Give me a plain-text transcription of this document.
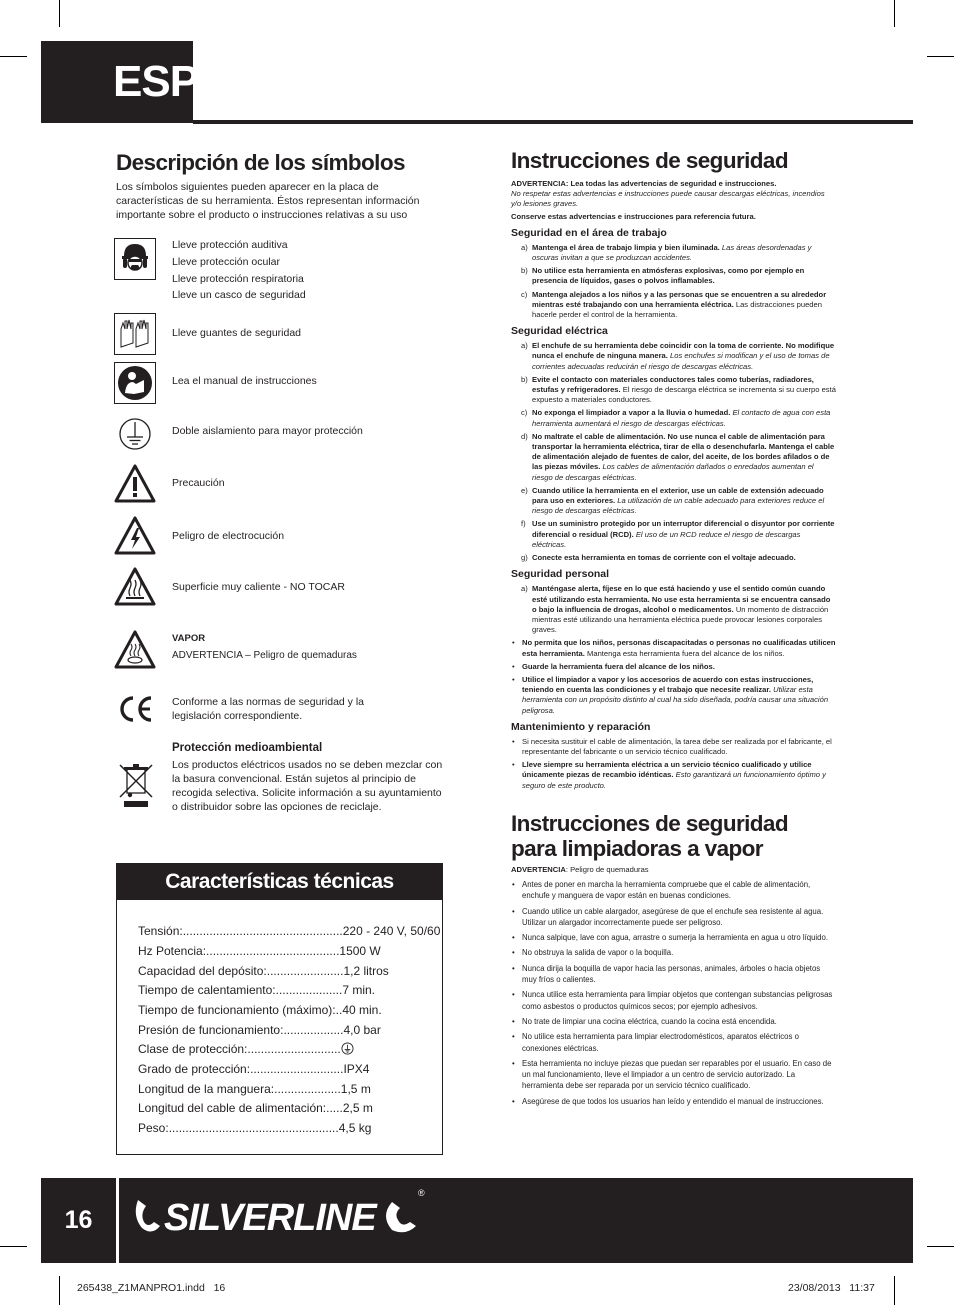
ESP
Descripción de los símbolos
Los símbolos siguientes pueden aparecer en la placa de características de su herramienta. Éstos representan información importante sobre el producto o instrucciones relativas a su uso
Lleve protección auditiva
Lleve protección ocular
Lleve protección respiratoria
Lleve un casco de seguridad
Lleve guantes de seguridad
Lea el manual de instrucciones
Doble aislamiento para mayor protección
Precaución
Peligro de electrocución
Superficie muy caliente - NO TOCAR
VAPOR
ADVERTENCIA – Peligro de quemaduras
Conforme a las normas de seguridad y la legislación correspondiente.
Protección medioambiental
Los productos eléctricos usados no se deben mezclar con la basura convencional. Están sujetos al principio de recogida selectiva. Solicite información a su ayuntamiento o distribuidor sobre las opciones de reciclaje.
Características técnicas
Tensión:................................................220 - 240 V, 50/60
Hz Potencia:........................................1500 W
Capacidad del depósito:.......................1,2 litros
Tiempo de calentamiento:....................7 min.
Tiempo de funcionamiento (máximo):..40 min.
Presión de funcionamiento:..................4,0 bar
Clase de protección:............................
Grado de protección:............................IPX4
Longitud de la manguera:....................1,5 m
Longitud del cable de alimentación:.....2,5 m
Peso:...................................................4,5 kg
Instrucciones de seguridad
ADVERTENCIA: Lea todas las advertencias de seguridad e instrucciones.
No respetar estas advertencias e instrucciones puede causar descargas eléctricas, incendios y/o lesiones graves.
Conserve estas advertencias e instrucciones para referencia futura.
Seguridad en el área de trabajo
a) Mantenga el área de trabajo limpia y bien iluminada. Las áreas desordenadas y oscuras invitan a que se produzcan accidentes.
b) No utilice esta herramienta en atmósferas explosivas, como por ejemplo en presencia de líquidos, gases o polvos inflamables.
c) Mantenga alejados a los niños y a las personas que se encuentren a su alrededor mientras esté trabajando con una herramienta eléctrica. Las distracciones pueden hacerle perder el control de la herramienta.
Seguridad eléctrica
a) El enchufe de su herramienta debe coincidir con la toma de corriente. No modifique nunca el enchufe de ninguna manera. Los enchufes si modifican y el uso de tomas de corrientes adecuadas reducirán el riesgo de descargas eléctricas.
b) Evite el contacto con materiales conductores tales como tuberías, radiadores, estufas y refrigeradores. El riesgo de descarga eléctrica se incrementa si su cuerpo está expuesto a materiales conductores.
c) No exponga el limpiador a vapor a la lluvia o humedad. El contacto de agua con esta herramienta aumentará el riesgo de descargas eléctricas.
d) No maltrate el cable de alimentación. No use nunca el cable de alimentación para transportar la herramienta eléctrica, tirar de ella o desenchufarla. Mantenga el cable de alimentación alejado de fuentes de calor, del aceite, de los bordes afilados o de las piezas móviles. Los cables de alimentación dañados o enredados aumentan el riesgo de descargas eléctricas.
e) Cuando utilice la herramienta en el exterior, use un cable de extensión adecuado para uso en exteriores. La utilización de un cable adecuado para exteriores reduce el riesgo de descargas eléctricas.
f) Use un suministro protegido por un interruptor diferencial o disyuntor por corriente diferencial o residual (RCD). El uso de un RCD reduce el riesgo de descargas eléctricas.
g) Conecte esta herramienta en tomas de corriente con el voltaje adecuado.
Seguridad personal
a) Manténgase alerta, fíjese en lo que está haciendo y use el sentido común cuando esté utilizando esta herramienta. No use esta herramienta si se encuentra cansado o bajo la influencia de drogas, alcohol o medicamentos. Un momento de distracción mientras esté utilizando una herramienta eléctrica puede provocar lesiones corporales graves.
• No permita que los niños, personas discapacitadas o personas no cualificadas utilicen esta herramienta. Mantenga esta herramienta fuera del alcance de los niños.
• Guarde la herramienta fuera del alcance de los niños.
• Utilice el limpiador a vapor y los accesorios de acuerdo con estas instrucciones, teniendo en cuenta las condiciones y el trabajo que necesite realizar. Utilizar esta herramienta con un propósito distinto al cual ha sido diseñada, podría causar una situación peligrosa.
Mantenimiento y reparación
• Si necesita sustituir el cable de alimentación, la tarea debe ser realizada por el fabricante, el representante del fabricante o un servicio técnico cualificado.
• Lleve siempre su herramienta eléctrica a un servicio técnico cualificado y utilice únicamente piezas de recambio idénticas. Esto garantizará un funcionamiento óptimo y seguro de este producto.
Instrucciones de seguridad para limpiadoras a vapor
ADVERTENCIA: Peligro de quemaduras
• Antes de poner en marcha la herramienta compruebe que el cable de alimentación, enchufe y manguera de vapor están en buenas condiciones.
• Cuando utilice un cable alargador, asegúrese de que el enchufe sea resistente al agua. Utilizar un alargador incorrectamente puede ser peligroso.
• Nunca salpique, lave con agua, arrastre o sumerja la herramienta en agua u otro líquido.
• No obstruya la salida de vapor o la boquilla.
• Nunca dirija la boquilla de vapor hacia las personas, animales, árboles o hacia objetos muy fríos o calientes.
• Nunca utilice esta herramienta para limpiar objetos que contengan substancias peligrosas como asbestos o productos químicos secos; por ejemplo adhesivos.
• No trate de limpiar una cocina eléctrica, cuando la cocina está encendida.
• No utilice esta herramienta para limpiar electrodomésticos, aparatos eléctricos o conexiones eléctricas.
• Esta herramienta no incluye piezas que puedan ser reparables por el usuario. En caso de un mal funcionamiento, lleve el limpiador a un centro de servicio autorizado. La herramienta debe ser reparada por un servicio técnico cualificado.
• Asegúrese de que todos los usuarios han leído y entendido el manual de instrucciones.
16	SILVERLINE
®
265438_Z1MANPRO1.indd   16	23/08/2013   11:37
